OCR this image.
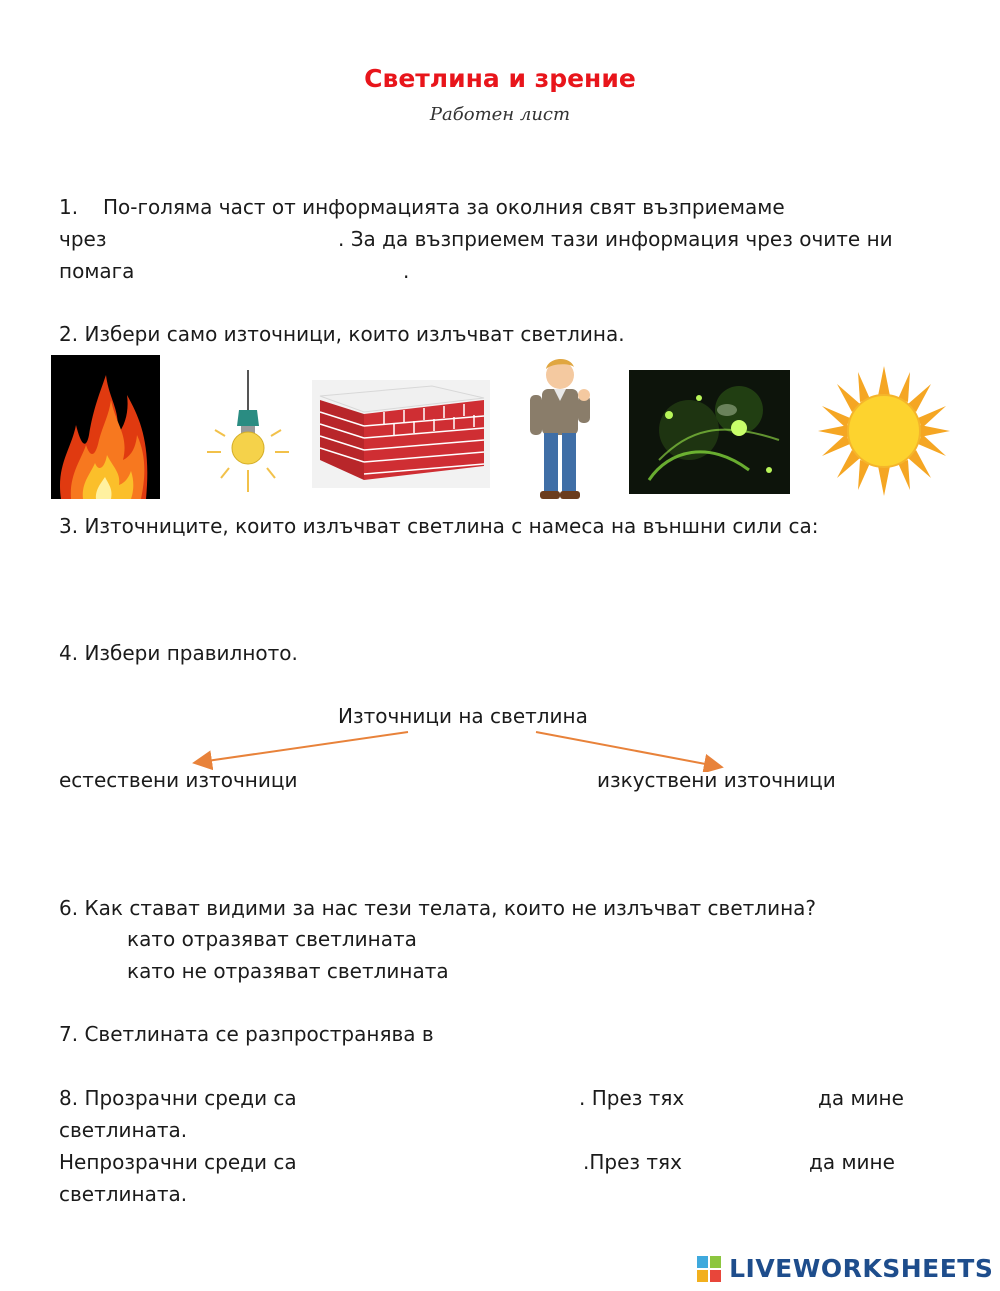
Светлина и зрение
Работен лист
1. По-голяма част от информацията за околния свят възприемаме
чрез	. За да възприемем тази информация чрез очите ни
помага	.
2. Избери само източници, които излъчват светлина.
3. Източниците, които излъчват светлина с намеса на външни сили са:
4. Избери правилното.
Източници на светлина
естествени източници	изкуствени източници
6. Как стават видими за нас тези телата, които не излъчват светлина?
като отразяват светлината
като не отразяват светлината
7. Светлината се разпространява в
8. Прозрачни среди са	. През тях	да мине
светлината.
Непрозрачни среди са	.През тях	да мине
светлината.
LIVEWORKSHEETS
